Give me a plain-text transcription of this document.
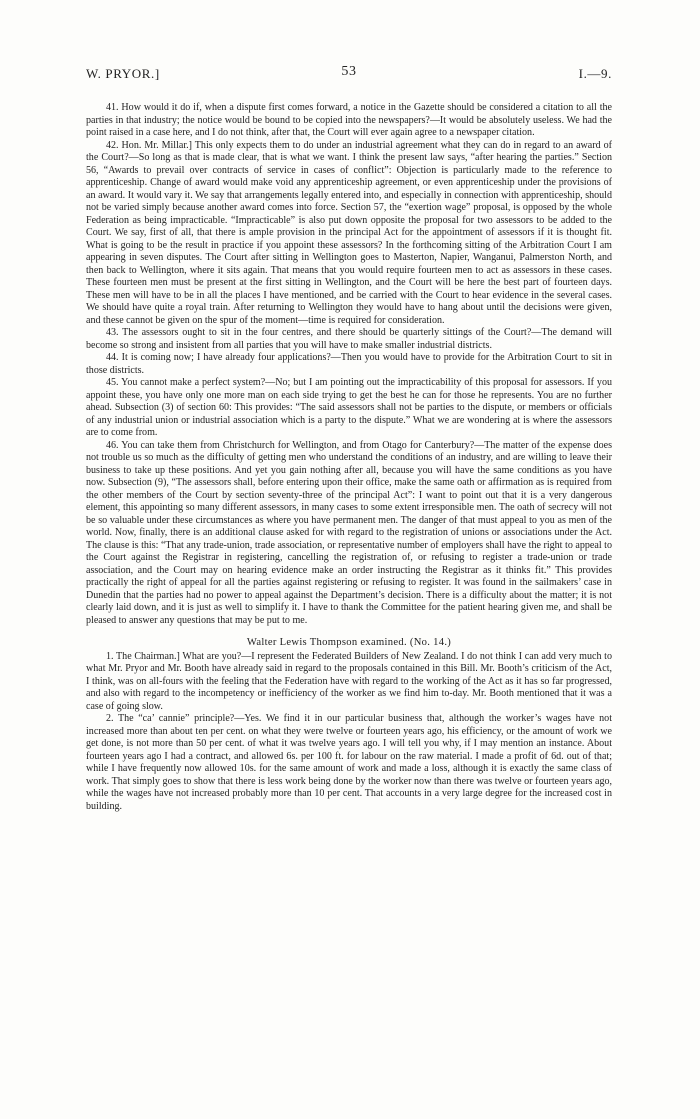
W. PRYOR.]	53	I.—9.

41. How would it do if, when a dispute first comes forward, a notice in the Gazette should be considered a citation to all the parties in that industry; the notice would be bound to be copied into the newspapers?—It would be absolutely useless. We had the point raised in a case here, and I do not think, after that, the Court will ever again agree to a newspaper citation.

42. Hon. Mr. Millar.] This only expects them to do under an industrial agreement what they can do in regard to an award of the Court?—So long as that is made clear, that is what we want. I think the present law says, “after hearing the parties.” Section 56, “Awards to prevail over contracts of service in cases of conflict”: Objection is particularly made to the reference to apprenticeship. Change of award would make void any apprenticeship agreement, or even apprenticeship under the provisions of an award. It would vary it. We say that arrangements legally entered into, and especially in connection with apprenticeship, should not be varied simply because another award comes into force. Section 57, the “exertion wage” proposal, is opposed by the whole Federation as being impracticable. “Impracticable” is also put down opposite the proposal for two assessors to be added to the Court. We say, first of all, that there is ample provision in the principal Act for the appointment of assessors if it is thought fit. What is going to be the result in practice if you appoint these assessors? In the forthcoming sitting of the Arbitration Court I am appearing in seven disputes. The Court after sitting in Wellington goes to Masterton, Napier, Wanganui, Palmerston North, and then back to Wellington, where it sits again. That means that you would require fourteen men to act as assessors in these cases. These fourteen men must be present at the first sitting in Wellington, and the Court will be here the best part of fourteen days. These men will have to be in all the places I have mentioned, and be carried with the Court to hear evidence in the several cases. We should have quite a royal train. After returning to Wellington they would have to hang about until the decisions were given, and these cannot be given on the spur of the moment—time is required for consideration.

43. The assessors ought to sit in the four centres, and there should be quarterly sittings of the Court?—The demand will become so strong and insistent from all parties that you will have to make smaller industrial districts.

44. It is coming now; I have already four applications?—Then you would have to provide for the Arbitration Court to sit in those districts.

45. You cannot make a perfect system?—No; but I am pointing out the impracticability of this proposal for assessors. If you appoint these, you have only one more man on each side trying to get the best he can for those he represents. You are no further ahead. Subsection (3) of section 60: This provides: “The said assessors shall not be parties to the dispute, or members or officials of any industrial union or industrial association which is a party to the dispute.” What we are wondering at is where the assessors are to come from.

46. You can take them from Christchurch for Wellington, and from Otago for Canterbury?—The matter of the expense does not trouble us so much as the difficulty of getting men who understand the conditions of an industry, and are willing to leave their business to take up these positions. And yet you gain nothing after all, because you will have the same conditions as you have now. Subsection (9), “The assessors shall, before entering upon their office, make the same oath or affirmation as is required from the other members of the Court by section seventy-three of the principal Act”: I want to point out that it is a very dangerous element, this appointing so many different assessors, in many cases to some extent irresponsible men. The oath of secrecy will not be so valuable under these circumstances as where you have permanent men. The danger of that must appeal to you as men of the world. Now, finally, there is an additional clause asked for with regard to the registration of unions or associations under the Act. The clause is this: “That any trade-union, trade association, or representative number of employers shall have the right to appeal to the Court against the Registrar in registering, cancelling the registration of, or refusing to register a trade-union or trade association, and the Court may on hearing evidence make an order instructing the Registrar as it thinks fit.” This provides practically the right of appeal for all the parties against registering or refusing to register. It was found in the sailmakers’ case in Dunedin that the parties had no power to appeal against the Department’s decision. There is a difficulty about the matter; it is not clearly laid down, and it is just as well to simplify it. I have to thank the Committee for the patient hearing given me, and shall be pleased to answer any questions that may be put to me.

Walter Lewis Thompson examined. (No. 14.)

1. The Chairman.] What are you?—I represent the Federated Builders of New Zealand. I do not think I can add very much to what Mr. Pryor and Mr. Booth have already said in regard to the proposals contained in this Bill. Mr. Booth’s criticism of the Act, I think, was on all-fours with the feeling that the Federation have with regard to the working of the Act as it has so far progressed, and also with regard to the incompetency or inefficiency of the worker as we find him to-day. Mr. Booth mentioned that it was a case of going slow.

2. The “ca’ cannie” principle?—Yes. We find it in our particular business that, although the worker’s wages have not increased more than about ten per cent. on what they were twelve or fourteen years ago, his efficiency, or the amount of work we get done, is not more than 50 per cent. of what it was twelve years ago. I will tell you why, if I may mention an instance. About fourteen years ago I had a contract, and allowed 6s. per 100 ft. for labour on the raw material. I made a profit of 6d. out of that; while I have frequently now allowed 10s. for the same amount of work and made a loss, although it is exactly the same class of work. That simply goes to show that there is less work being done by the worker now than there was twelve or fourteen years ago, while the wages have not increased probably more than 10 per cent. That accounts in a very large degree for the increased cost in building.
